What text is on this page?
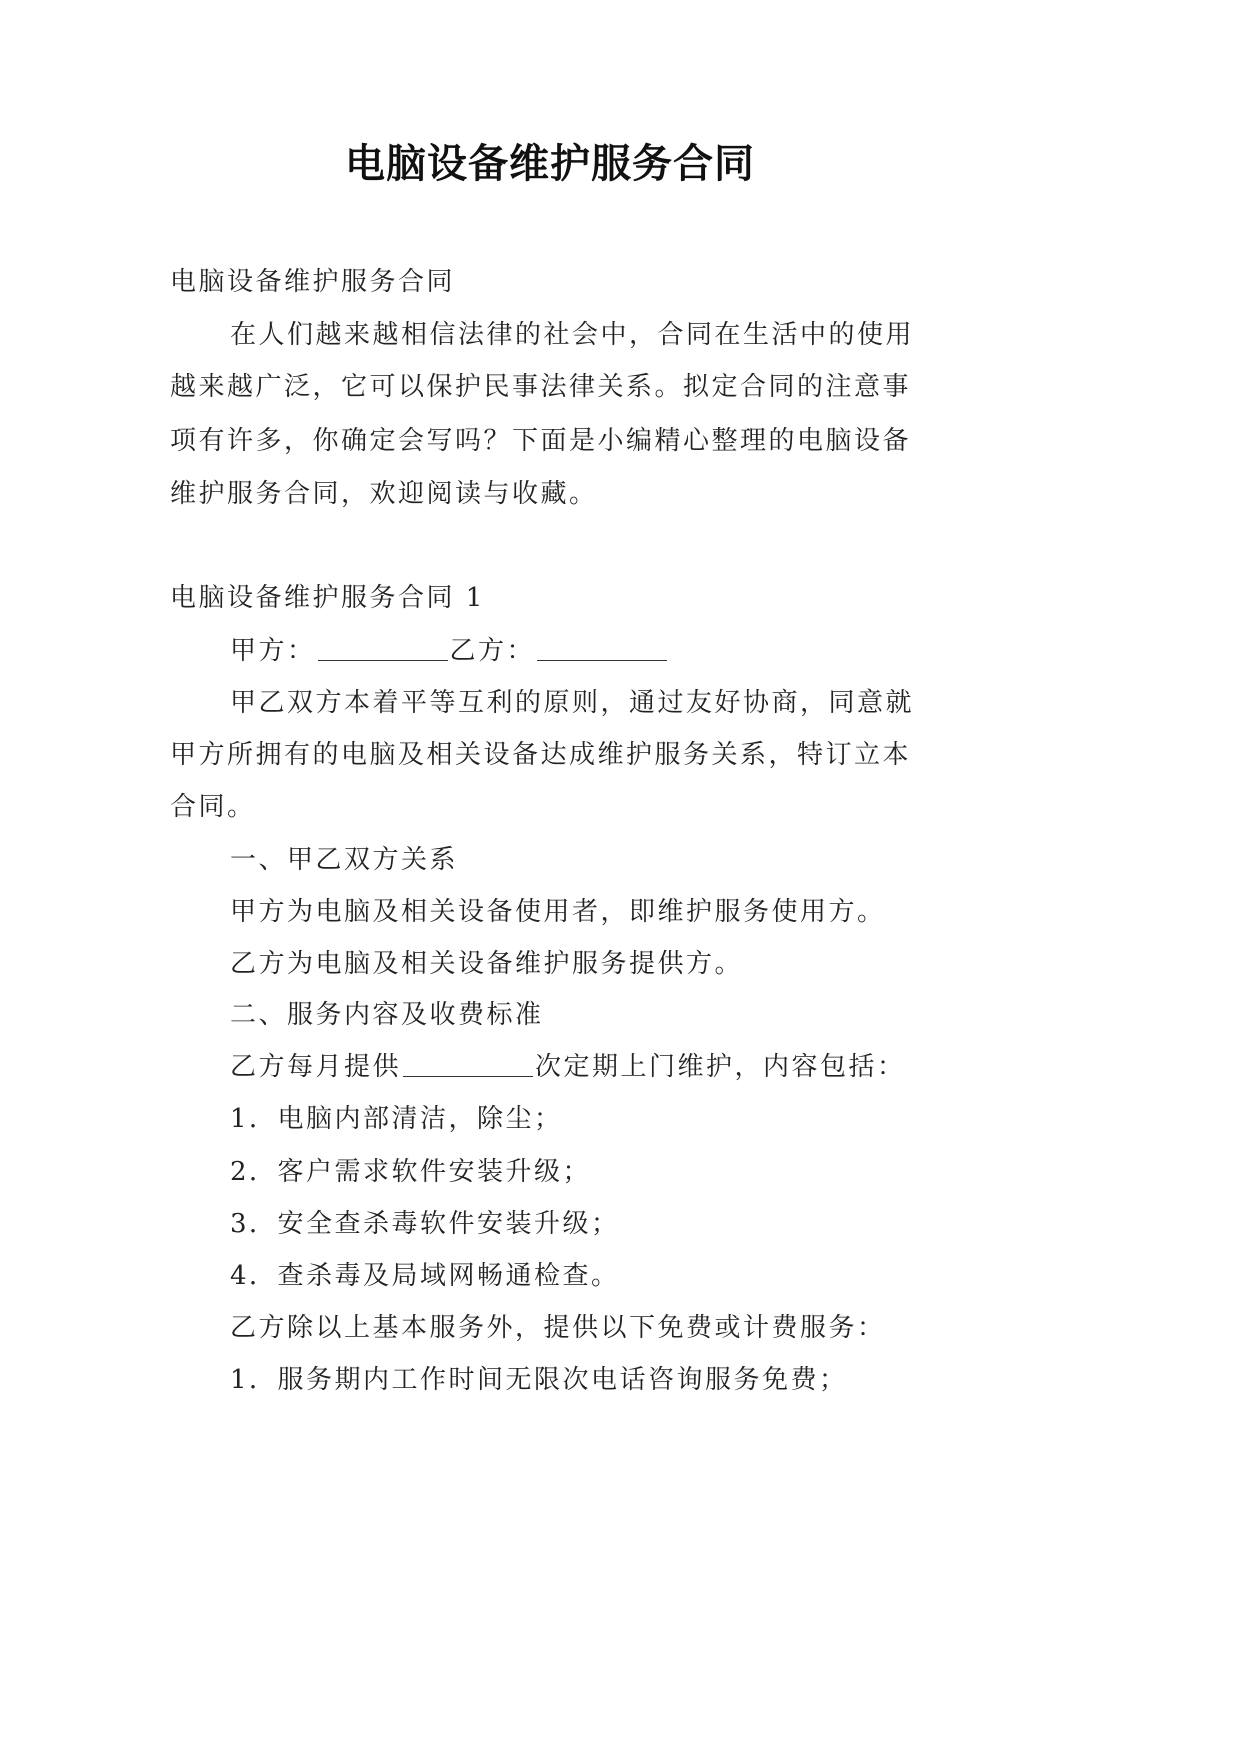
电脑设备维护服务合同

电脑设备维护服务合同

在人们越来越相信法律的社会中，合同在生活中的使用

越来越广泛，它可以保护民事法律关系。拟定合同的注意事

项有许多，你确定会写吗？下面是小编精心整理的电脑设备

维护服务合同，欢迎阅读与收藏。

电脑设备维护服务合同 1

甲方：	乙方：

甲乙双方本着平等互利的原则，通过友好协商，同意就

甲方所拥有的电脑及相关设备达成维护服务关系，特订立本

合同。

一、甲乙双方关系

甲方为电脑及相关设备使用者，即维护服务使用方。

乙方为电脑及相关设备维护服务提供方。

二、服务内容及收费标准

乙方每月提供	次定期上门维护，内容包括：

1．电脑内部清洁，除尘；

2．客户需求软件安装升级；

3．安全查杀毒软件安装升级；

4．查杀毒及局域网畅通检查。

乙方除以上基本服务外，提供以下免费或计费服务：

1．服务期内工作时间无限次电话咨询服务免费；
